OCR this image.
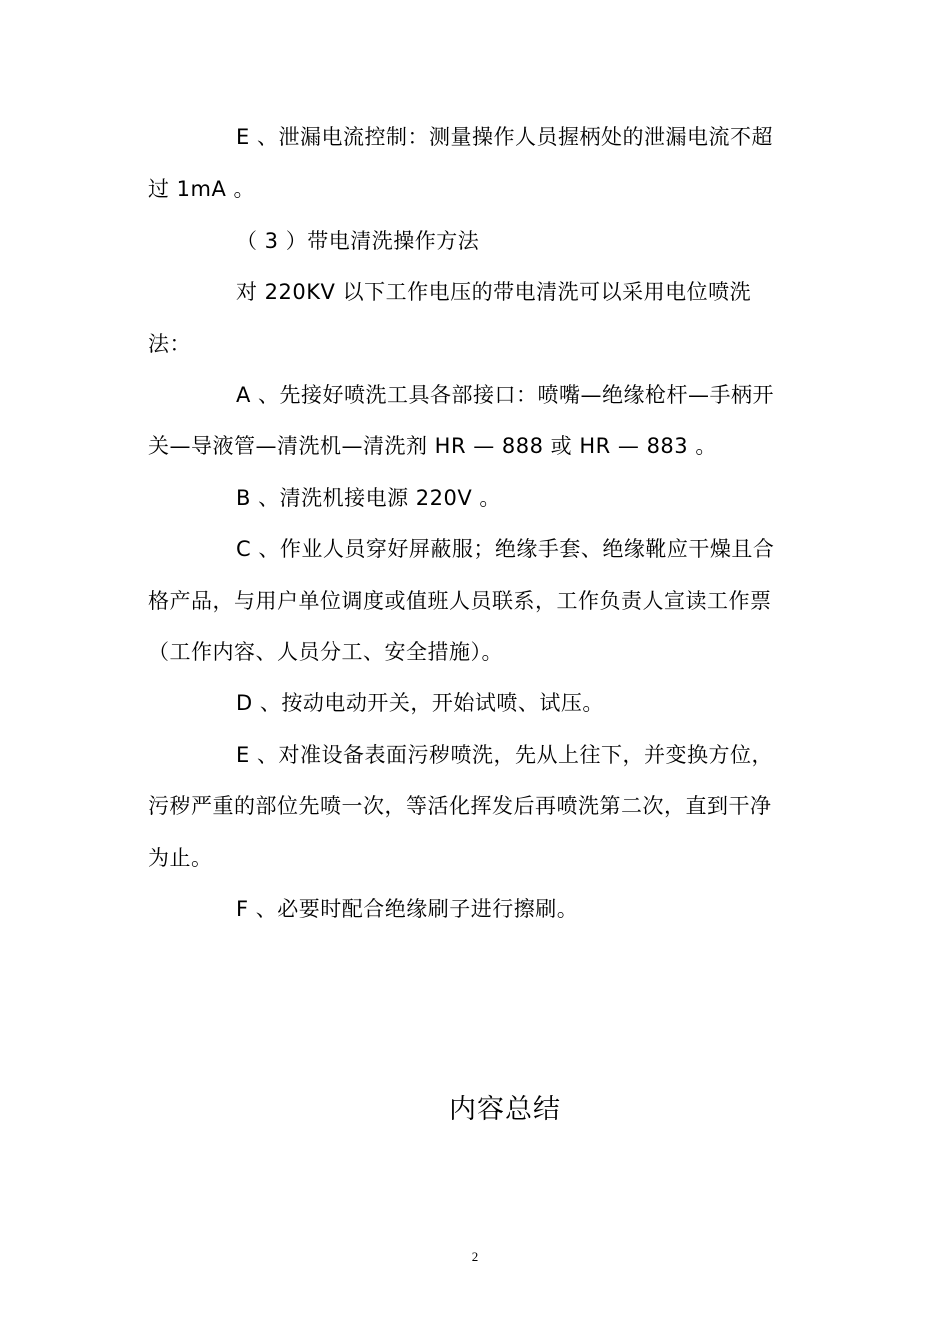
E 、泄漏电流控制：测量操作人员握柄处的泄漏电流不超
过 1mA 。
（ 3 ）带电清洗操作方法
对 220KV 以下工作电压的带电清洗可以采用电位喷洗
法：
A 、先接好喷洗工具各部接口：喷嘴—绝缘枪杆—手柄开
关—导液管—清洗机—清洗剂 HR — 888 或 HR — 883 。
B 、清洗机接电源 220V 。
C 、作业人员穿好屏蔽服；绝缘手套、绝缘靴应干燥且合
格产品，与用户单位调度或值班人员联系，工作负责人宣读工作票
（工作内容、人员分工、安全措施）。
D 、按动电动开关，开始试喷、试压。
E 、对准设备表面污秽喷洗，先从上往下，并变换方位，
污秽严重的部位先喷一次，等活化挥发后再喷洗第二次，直到干净
为止。
F 、必要时配合绝缘刷子进行擦刷。
内容总结
2
